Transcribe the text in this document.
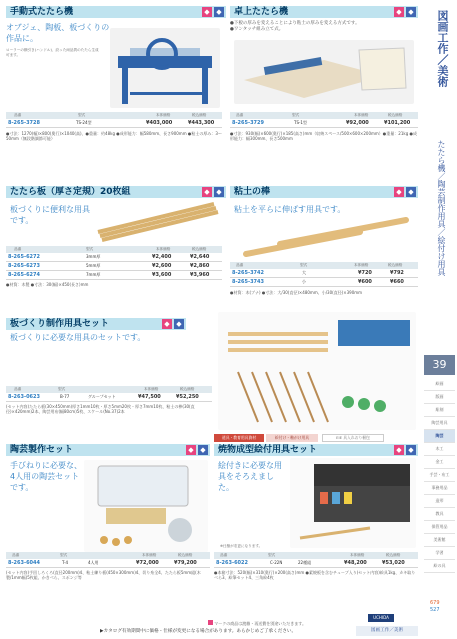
手動式たたら機	◆ ◆
オブジェ、陶板、板づくりの作品に。
ローラーの横引き(ハンドル)、絞った両品質のたたら生成可ます。
品番	型式	本体価格	税込価格
8-265-3728	TS-24型	¥403,000	¥443,300
●寸法：1270(幅)×800(奥行)×1040(高)、●重量：約48kg ●成形能力：幅580mm、長さ900mm ●粘土の厚み：3〜50mm（無段階調節可能）
卓上たたら機	◆ ◆
●下板の厚みを変えることにより粘土の厚みを変える方式です。
●ワンタッチ組み立て式。
品番	型式	本体価格	税込価格
8-265-3729	TS-1型	¥92,000	¥101,200
●寸法：930(幅)×600(奥行)×185(高さ)mm（収納スペース/500×600×200mm）●重量：21kg ●成形能力：幅300mm、長さ500mm
たたら板（厚さ定規）20枚組	◆ ◆
板づくりに便利な用具です。
品番	型式	本体価格	税込価格
8-265-6272	3mm厚	¥2,400	¥2,640
8-265-6273	5mm厚	¥2,600	¥2,860
8-265-6274	7mm厚	¥3,600	¥3,960
●材質：木製 ●寸法：30(幅)×450(長さ)mm
粘土の棒	◆ ◆
粘土を平らに伸ばす用具です。
品番	型式	本体価格	税込価格
8-265-3742	大	¥720	¥792
8-265-3743	小	¥600	¥660
●材質：木(ブナ) ●寸法：大/30(直径)×480mm、小/30(直径)×390mm
板づくり制作用具セット	◆ ◆
板づくりに必要な用具のセットです。
品番	型式	本体価格	税込価格
8-263-0623	B-77	グループセット	¥47,500	¥52,250
(セット内容)たたら板(30×450mm)厚さ1mm10枚・厚さ5mm20枚・厚さ7mm10枚、粘土の棒(30(直径)×420mm)2本、陶芸用布(幅80cm)5枚、スケール(No.37)2本
陶芸製作セット	◆ ◆
手びねりに必要な、4人用の陶芸セットです。
品番	型式	本体価格	税込価格
8-263-6044	T-4	4人用	¥72,000	¥79,200
(セット内容)手回しろくろ(直径200mm)4、粘土練り板(450×300mm)4、切り糸全4、たたら板5mm組(木製/1mm幅)5枚組、かきべら、スポンジ等
道具・教育用具資材	絵付け・釉がけ用具	EIE 具入れおり梱包
焼物成型絵付用具セット	◆ ◆
絵付きに必要な用具をそろえました。
※仕様が変更になります。
品番	型式	本体価格	税込価格
8-263-6022	C-22N	22種組	¥48,200	¥53,020
●本箱寸法：520(幅)×310(奥行)×200(高さ)mm ●素焼板を含むチューブ入り(セット内容)絵具1kg、カキ取りべら3、絵筆セット4、三角絵4枚
図画工作／美術
たたら機／陶芸制作用具／絵付け用具
39
絵画
版画
彫刻
陶芸用具
陶芸
木工
金工
手芸・布工
事務用品
造形
教具
保管用品
美術館
学習
絵の具
679
527
マークの商品は渡雑・再送費を別途いただきます。
UCHIDA
▶カタログ有効期間中に価格・仕様が変更になる場合があります。あらかじめご了承ください。	図画工作／美術
